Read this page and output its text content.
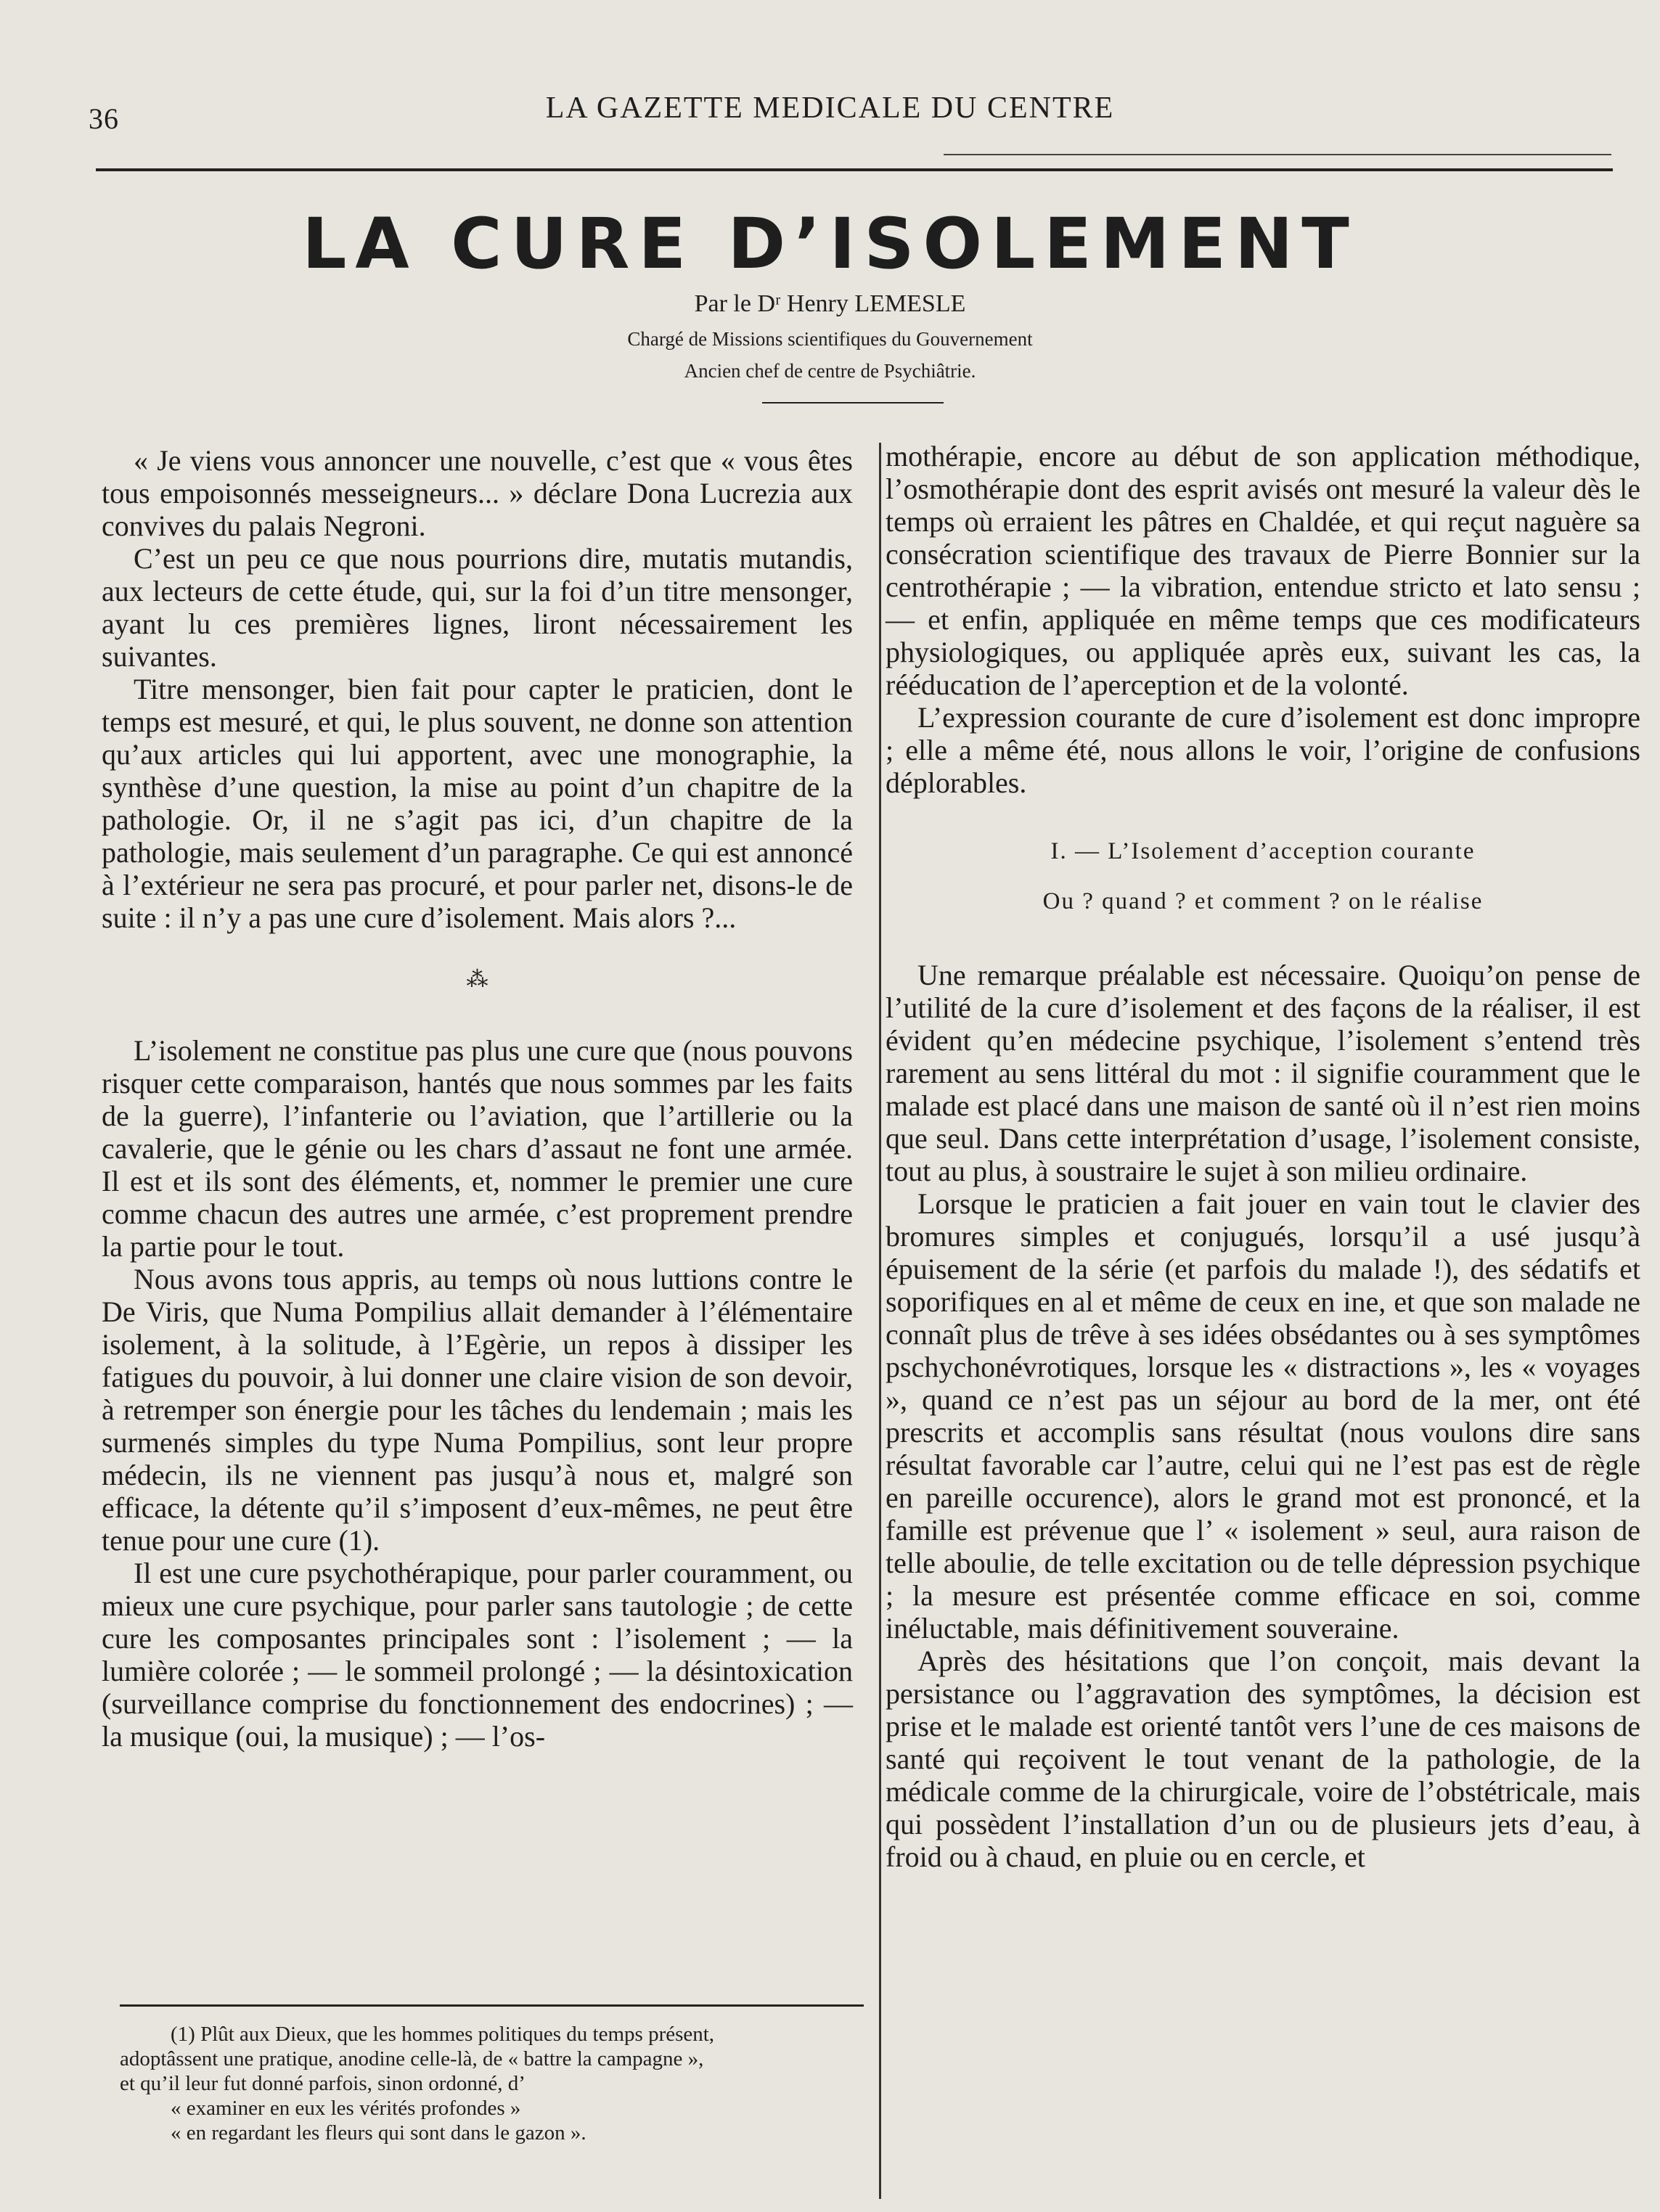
36	LA GAZETTE MEDICALE DU CENTRE
LA CURE D’ISOLEMENT
Par le Dʳ Henry LEMESLE
Chargé de Missions scientifiques du Gouvernement
Ancien chef de centre de Psychiâtrie.

« Je viens vous annoncer une nouvelle, c’est que « vous êtes tous empoisonnés messeigneurs... » déclare Dona Lucrezia aux convives du palais Negroni.

C’est un peu ce que nous pourrions dire, mutatis mutandis, aux lecteurs de cette étude, qui, sur la foi d’un titre mensonger, ayant lu ces premières lignes, liront nécessairement les suivantes.

Titre mensonger, bien fait pour capter le praticien, dont le temps est mesuré, et qui, le plus souvent, ne donne son attention qu’aux articles qui lui apportent, avec une monographie, la synthèse d’une question, la mise au point d’un chapitre de la pathologie. Or, il ne s’agit pas ici, d’un chapitre de la pathologie, mais seulement d’un paragraphe. Ce qui est annoncé à l’extérieur ne sera pas procuré, et pour parler net, disons-le de suite : il n’y a pas une cure d’isolement. Mais alors ?...

⁂

L’isolement ne constitue pas plus une cure que (nous pouvons risquer cette comparaison, hantés que nous sommes par les faits de la guerre), l’infanterie ou l’aviation, que l’artillerie ou la cavalerie, que le génie ou les chars d’assaut ne font une armée. Il est et ils sont des éléments, et, nommer le premier une cure comme chacun des autres une armée, c’est proprement prendre la partie pour le tout.

Nous avons tous appris, au temps où nous luttions contre le De Viris, que Numa Pompilius allait demander à l’élémentaire isolement, à la solitude, à l’Egèrie, un repos à dissiper les fatigues du pouvoir, à lui donner une claire vision de son devoir, à retremper son énergie pour les tâches du lendemain ; mais les surmenés simples du type Numa Pompilius, sont leur propre médecin, ils ne viennent pas jusqu’à nous et, malgré son efficace, la détente qu’il s’imposent d’eux-mêmes, ne peut être tenue pour une cure (1).

Il est une cure psychothérapique, pour parler couramment, ou mieux une cure psychique, pour parler sans tautologie ; de cette cure les composantes principales sont : l’isolement ; — la lumière colorée ; — le sommeil prolongé ; — la désintoxication (surveillance comprise du fonctionnement des endocrines) ; — la musique (oui, la musique) ; — l’os-

mothérapie, encore au début de son application méthodique, l’osmothérapie dont des esprit avisés ont mesuré la valeur dès le temps où erraient les pâtres en Chaldée, et qui reçut naguère sa consécration scientifique des travaux de Pierre Bonnier sur la centrothérapie ; — la vibration, entendue stricto et lato sensu ; — et enfin, appliquée en même temps que ces modificateurs physiologiques, ou appliquée après eux, suivant les cas, la rééducation de l’aperception et de la volonté.

L’expression courante de cure d’isolement est donc impropre ; elle a même été, nous allons le voir, l’origine de confusions déplorables.

I. — L’Isolement d’acception courante

Ou ? quand ? et comment ? on le réalise

Une remarque préalable est nécessaire. Quoiqu’on pense de l’utilité de la cure d’isolement et des façons de la réaliser, il est évident qu’en médecine psychique, l’isolement s’entend très rarement au sens littéral du mot : il signifie couramment que le malade est placé dans une maison de santé où il n’est rien moins que seul. Dans cette interprétation d’usage, l’isolement consiste, tout au plus, à soustraire le sujet à son milieu ordinaire.

Lorsque le praticien a fait jouer en vain tout le clavier des bromures simples et conjugués, lorsqu’il a usé jusqu’à épuisement de la série (et parfois du malade !), des sédatifs et soporifiques en al et même de ceux en ine, et que son malade ne connaît plus de trêve à ses idées obsédantes ou à ses symptômes pschychonévrotiques, lorsque les « distractions », les « voyages », quand ce n’est pas un séjour au bord de la mer, ont été prescrits et accomplis sans résultat (nous voulons dire sans résultat favorable car l’autre, celui qui ne l’est pas est de règle en pareille occurence), alors le grand mot est prononcé, et la famille est prévenue que l’ « isolement » seul, aura raison de telle aboulie, de telle excitation ou de telle dépression psychique ; la mesure est présentée comme efficace en soi, comme inéluctable, mais définitivement souveraine.

Après des hésitations que l’on conçoit, mais devant la persistance ou l’aggravation des symptômes, la décision est prise et le malade est orienté tantôt vers l’une de ces maisons de santé qui reçoivent le tout venant de la pathologie, de la médicale comme de la chirurgicale, voire de l’obstétricale, mais qui possèdent l’installation d’un ou de plusieurs jets d’eau, à froid ou à chaud, en pluie ou en cercle, et

(1) Plût aux Dieux, que les hommes politiques du temps présent,

adoptâssent une pratique, anodine celle-là, de « battre la campagne »,

et qu’il leur fut donné parfois, sinon ordonné, d’

« examiner en eux les vérités profondes »

« en regardant les fleurs qui sont dans le gazon ».
